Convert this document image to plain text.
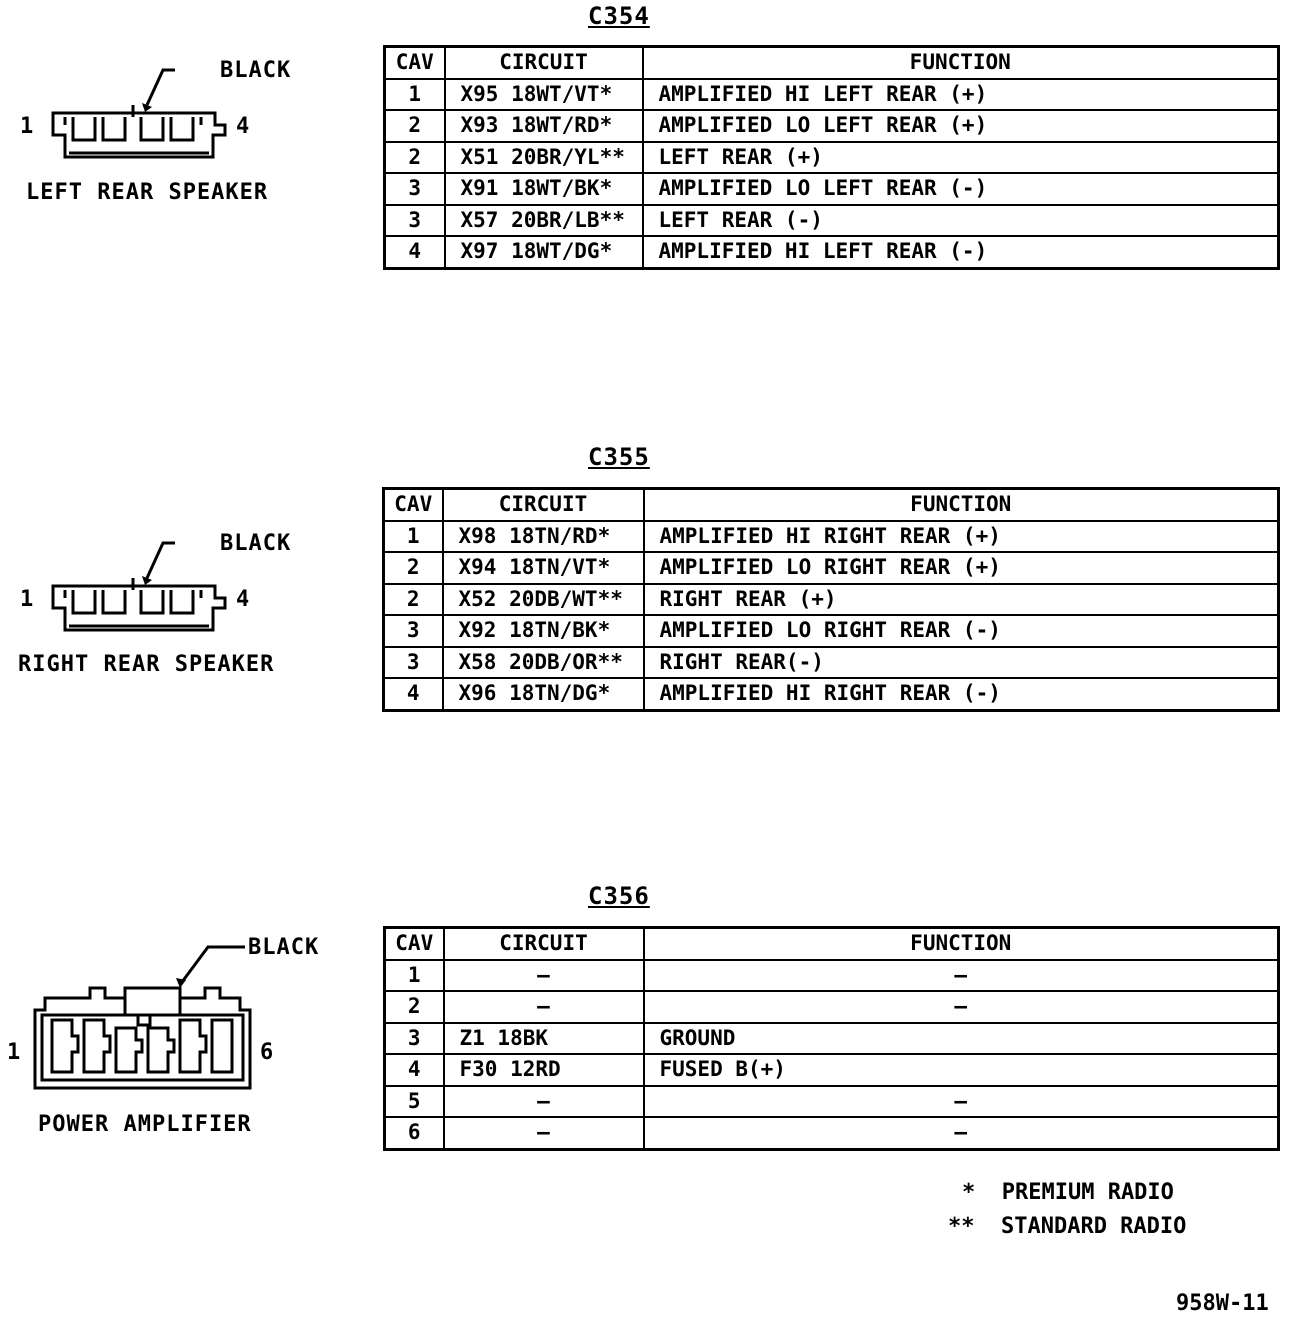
C354
CAV	CIRCUIT	FUNCTION
1	X95 18WT/VT*	AMPLIFIED HI LEFT REAR (+)
2	X93 18WT/RD*	AMPLIFIED LO LEFT REAR (+)
2	X51 20BR/YL**	LEFT REAR (+)
3	X91 18WT/BK*	AMPLIFIED LO LEFT REAR (-)
3	X57 20BR/LB**	LEFT REAR (-)
4	X97 18WT/DG*	AMPLIFIED HI LEFT REAR (-)
BLACK
1	4
LEFT REAR SPEAKER
C355
CAV	CIRCUIT	FUNCTION
1	X98 18TN/RD*	AMPLIFIED HI RIGHT REAR (+)
2	X94 18TN/VT*	AMPLIFIED LO RIGHT REAR (+)
2	X52 20DB/WT**	RIGHT REAR (+)
3	X92 18TN/BK*	AMPLIFIED LO RIGHT REAR (-)
3	X58 20DB/OR**	RIGHT REAR(-)
4	X96 18TN/DG*	AMPLIFIED HI RIGHT REAR (-)
BLACK
1	4
RIGHT REAR SPEAKER
C356
CAV	CIRCUIT	FUNCTION
1	–	–
2	–	–
3	Z1 18BK	GROUND
4	F30 12RD	FUSED B(+)
5	–	–
6	–	–
BLACK
1	6
POWER AMPLIFIER
*  PREMIUM RADIO
**  STANDARD RADIO
958W-11
